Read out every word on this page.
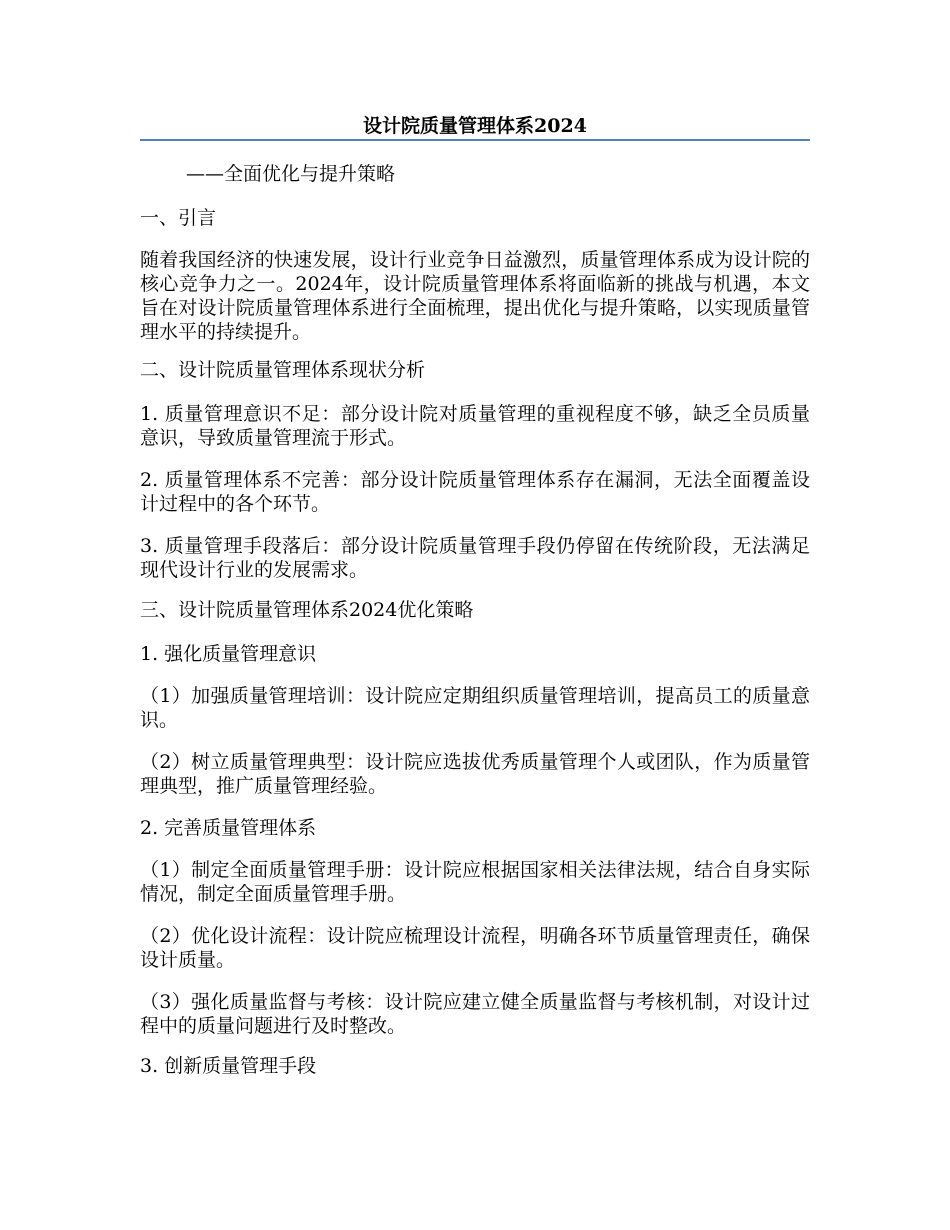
设计院质量管理体系2024
——全面优化与提升策略
一、引言
随着我国经济的快速发展，设计行业竞争日益激烈，质量管理体系成为设计院的核心竞争力之一。2024年，设计院质量管理体系将面临新的挑战与机遇，本文旨在对设计院质量管理体系进行全面梳理，提出优化与提升策略，以实现质量管理水平的持续提升。
二、设计院质量管理体系现状分析
1. 质量管理意识不足：部分设计院对质量管理的重视程度不够，缺乏全员质量意识，导致质量管理流于形式。
2. 质量管理体系不完善：部分设计院质量管理体系存在漏洞，无法全面覆盖设计过程中的各个环节。
3. 质量管理手段落后：部分设计院质量管理手段仍停留在传统阶段，无法满足现代设计行业的发展需求。
三、设计院质量管理体系2024优化策略
1. 强化质量管理意识
（1）加强质量管理培训：设计院应定期组织质量管理培训，提高员工的质量意识。
（2）树立质量管理典型：设计院应选拔优秀质量管理个人或团队，作为质量管理典型，推广质量管理经验。
2. 完善质量管理体系
（1）制定全面质量管理手册：设计院应根据国家相关法律法规，结合自身实际情况，制定全面质量管理手册。
（2）优化设计流程：设计院应梳理设计流程，明确各环节质量管理责任，确保设计质量。
（3）强化质量监督与考核：设计院应建立健全质量监督与考核机制，对设计过程中的质量问题进行及时整改。
3. 创新质量管理手段
